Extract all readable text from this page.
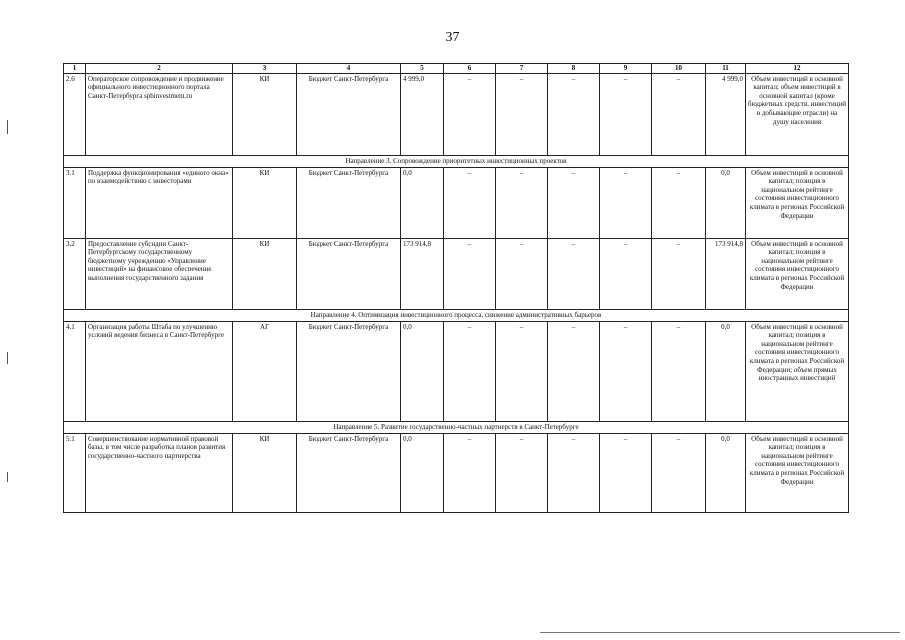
37
1	2	3	4	5	6	7	8	9	10	11	12
2.6	Операторское сопровождение и продвижение официального инвестиционного портала Санкт-Петербурга spbinvestment.ru	КИ	Бюджет Санкт-Петербурга	4 999,0	–	–	–	–	–	4 999,0	Объем инвестиций в основной капитал; объем инвестиций в основной капитал (кроме бюджетных средств, инвестиций в добывающие отрасли) на душу населения
Направление 3. Сопровождение приоритетных инвестиционных проектов											
3.1	Поддержка функционирования «единого окна» по взаимодействию с инвесторами	КИ	Бюджет Санкт-Петербурга	0,0	–	–	–	–	–	0,0	Объем инвестиций в основной капитал; позиция в национальном рейтинге состояния инвестиционного климата в регионах Российской Федерации
3.2	Предоставление субсидии Санкт-Петербургскому государственному бюджетному учреждению «Управление инвестиций» на финансовое обеспечение выполнения государственного задания	КИ	Бюджет Санкт-Петербурга	173 914,8	–	–	–	–	–	173 914,8	Объем инвестиций в основной капитал; позиция в национальном рейтинге состояния инвестиционного климата в регионах Российской Федерации
Направление 4. Оптимизация инвестиционного процесса, снижение административных барьеров											
4.1	Организация работы Штаба по улучшению условий ведения бизнеса в Санкт-Петербурге	АГ	Бюджет Санкт-Петербурга	0,0	–	–	–	–	–	0,0	Объем инвестиций в основной капитал; позиция в национальном рейтинге состояния инвестиционного климата в регионах Российской Федерации; объем прямых иностранных инвестиций
Направление 5. Развитие государственно-частных партнерств в Санкт-Петербурге											
5.1	Совершенствование нормативной правовой базы, в том числе разработка планов развития государственно-частного партнерства	КИ	Бюджет Санкт-Петербурга	0,0	–	–	–	–	–	0,0	Объем инвестиций в основной капитал; позиция в национальном рейтинге состояния инвестиционного климата в регионах Российской Федерации
